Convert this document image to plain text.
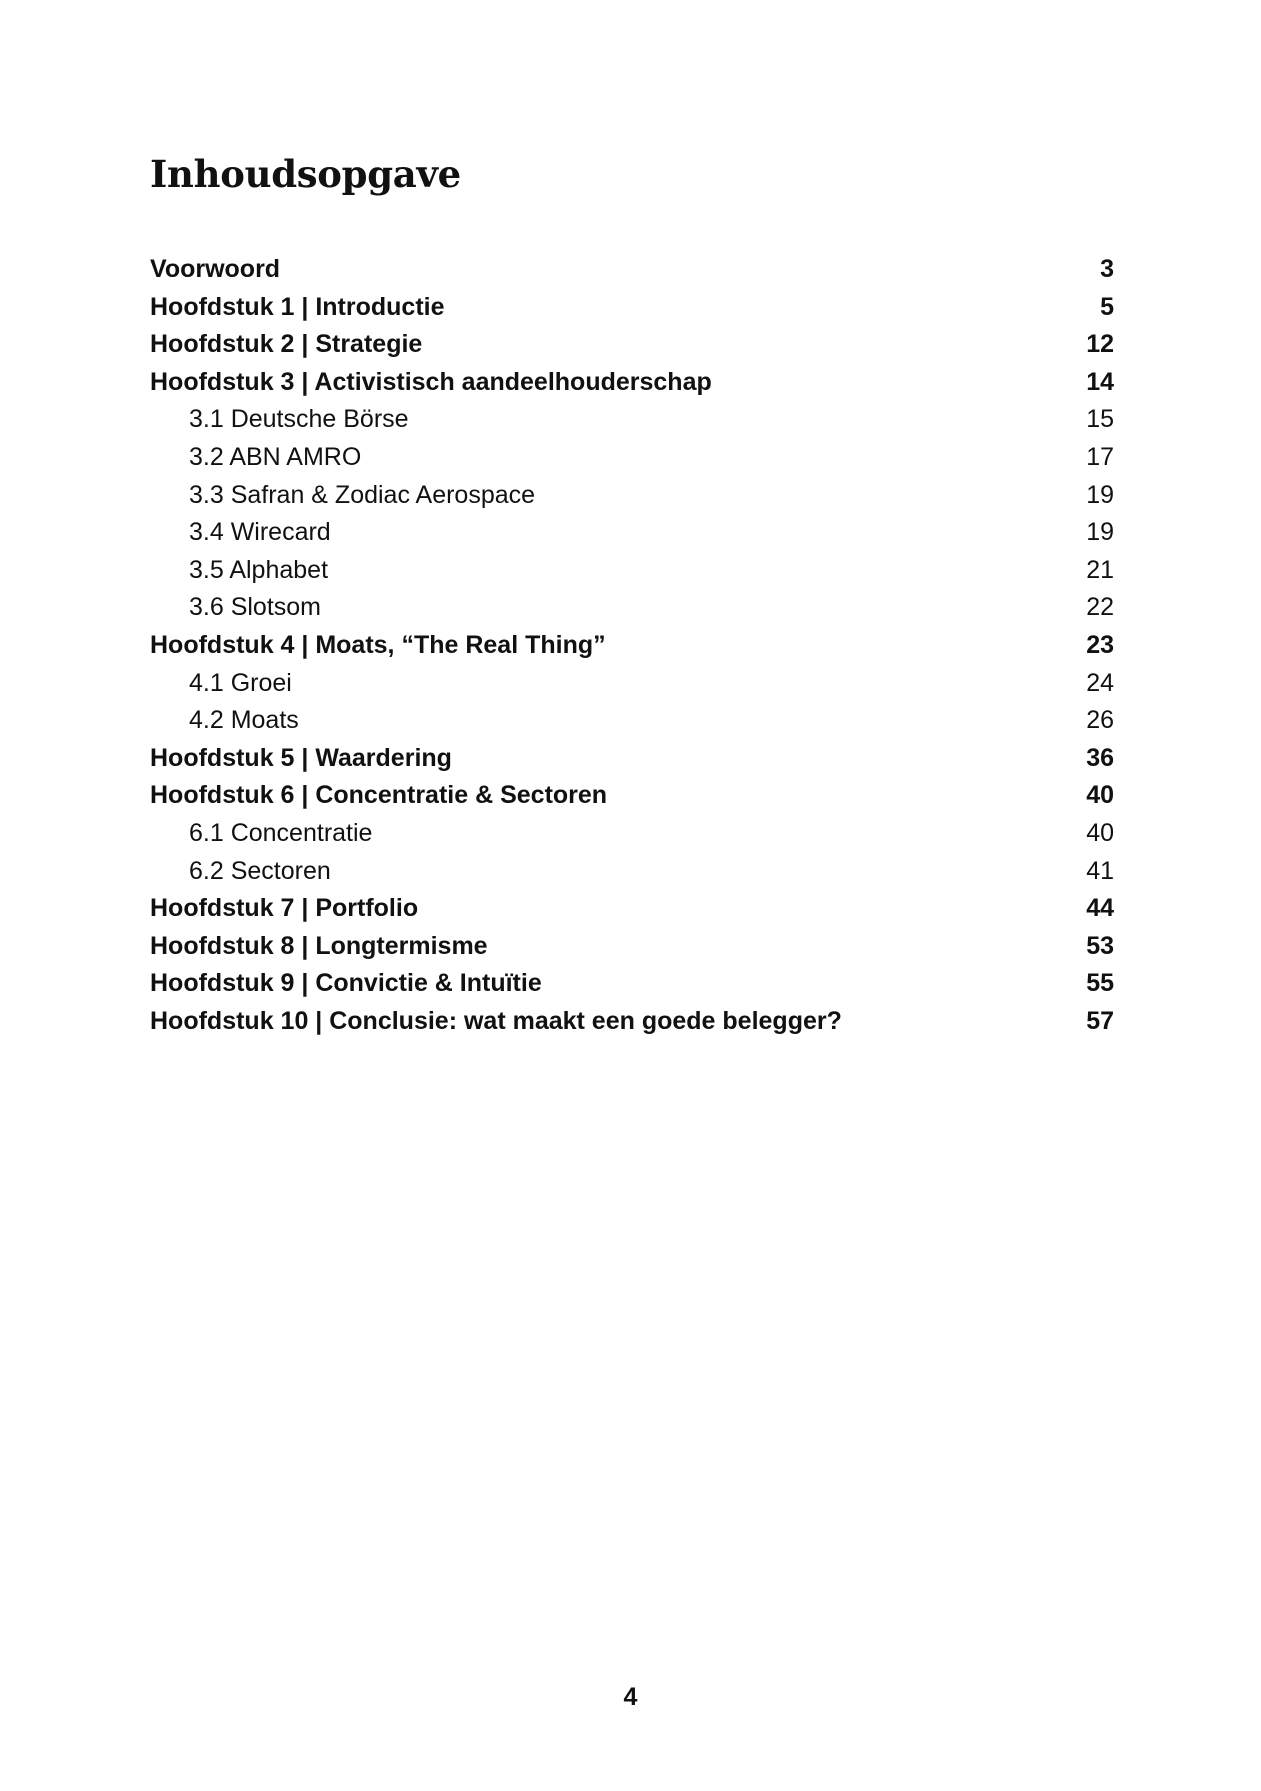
Inhoudsopgave
Voorwoord	3
Hoofdstuk 1 | Introductie	5
Hoofdstuk 2 | Strategie	12
Hoofdstuk 3 | Activistisch aandeelhouderschap	14
3.1 Deutsche Börse	15
3.2 ABN AMRO	17
3.3 Safran & Zodiac Aerospace	19
3.4 Wirecard	19
3.5 Alphabet	21
3.6 Slotsom	22
Hoofdstuk 4 | Moats, “The Real Thing”	23
4.1 Groei	24
4.2 Moats	26
Hoofdstuk 5 | Waardering	36
Hoofdstuk 6 | Concentratie & Sectoren	40
6.1 Concentratie	40
6.2 Sectoren	41
Hoofdstuk 7 | Portfolio	44
Hoofdstuk 8 | Longtermisme	53
Hoofdstuk 9 | Convictie & Intuïtie	55
Hoofdstuk 10 | Conclusie: wat maakt een goede belegger?	57
4
